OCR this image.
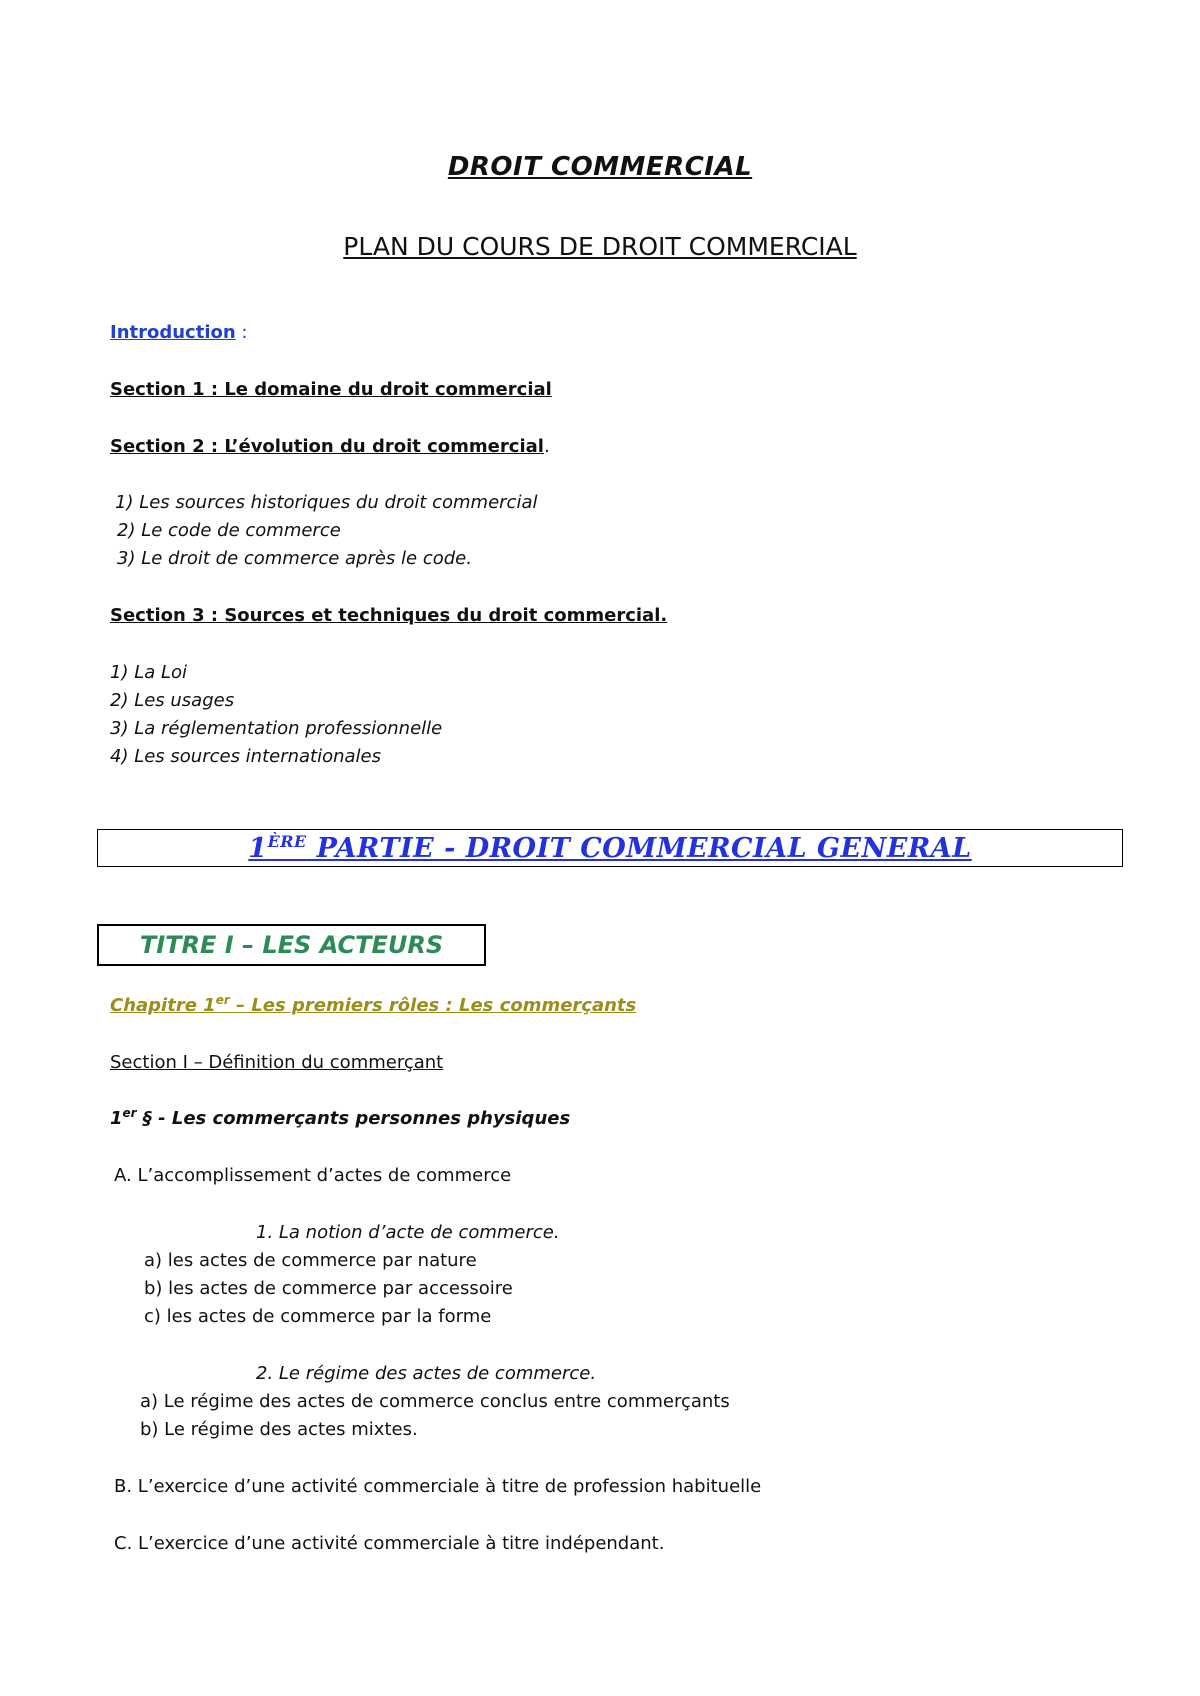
DROIT COMMERCIAL
PLAN DU COURS DE DROIT COMMERCIAL
Introduction :
Section 1 : Le domaine du droit commercial
Section 2 : L’évolution du droit commercial.
1) Les sources historiques du droit commercial
2) Le code de commerce
3) Le droit de commerce après le code.
Section 3 : Sources et techniques du droit commercial.
1) La Loi
2) Les usages
3) La réglementation professionnelle
4) Les sources internationales
1ÈRE PARTIE - DROIT COMMERCIAL GENERAL
TITRE I – LES ACTEURS
Chapitre 1er – Les premiers rôles : Les commerçants
Section I – Définition du commerçant
1er § - Les commerçants personnes physiques
A. L’accomplissement d’actes de commerce
1. La notion d’acte de commerce.
a) les actes de commerce par nature
b) les actes de commerce par accessoire
c) les actes de commerce par la forme
2. Le régime des actes de commerce.
a) Le régime des actes de commerce conclus entre commerçants
b) Le régime des actes mixtes.
B. L’exercice d’une activité commerciale à titre de profession habituelle
C. L’exercice d’une activité commerciale à titre indépendant.
